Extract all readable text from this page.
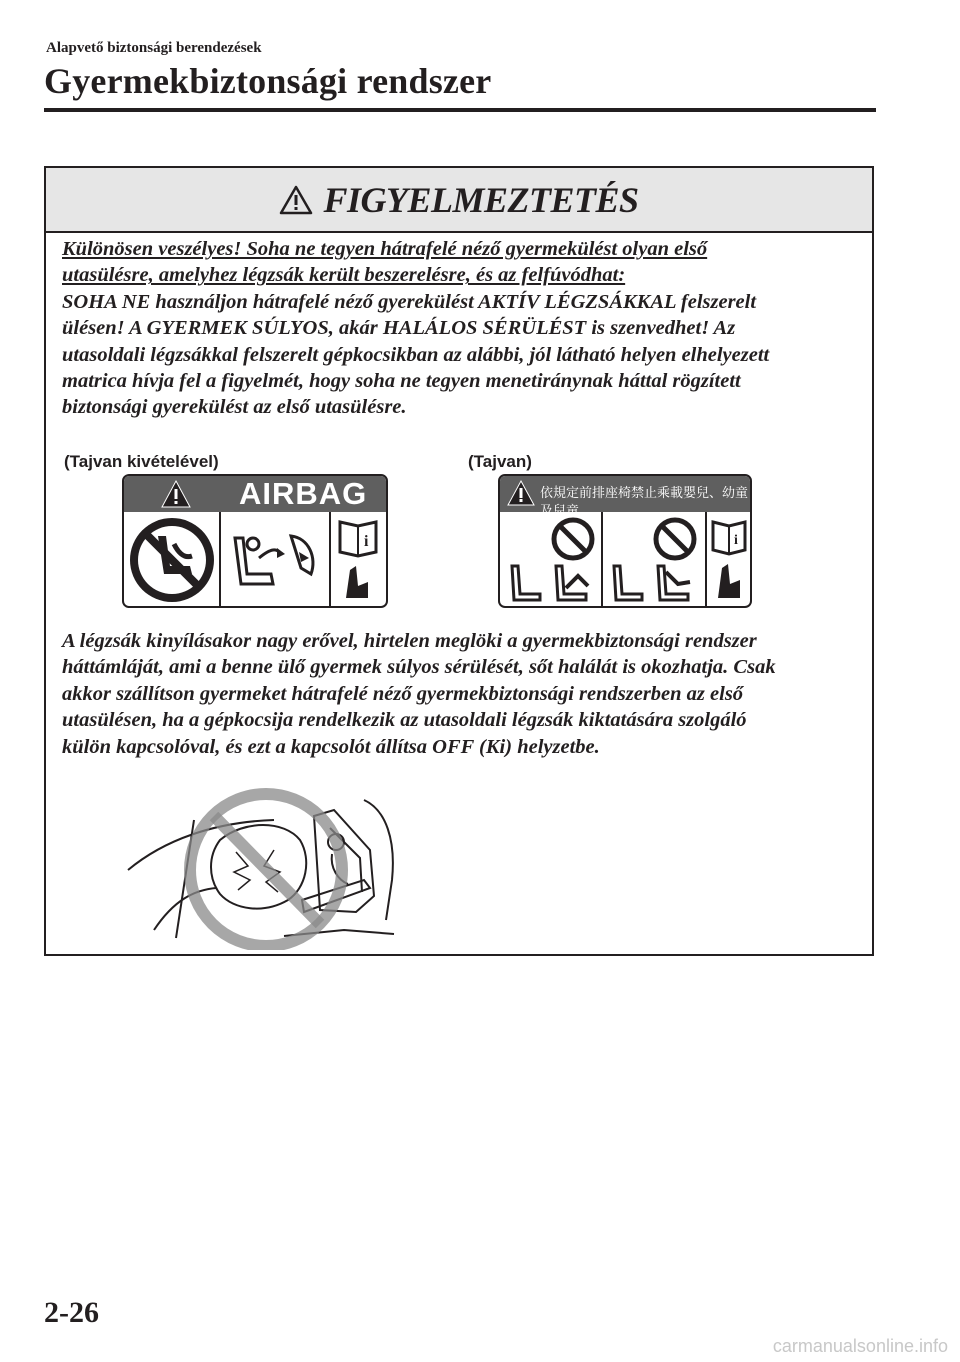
Alapvető biztonsági berendezések
Gyermekbiztonsági rendszer
FIGYELMEZTETÉS
Különösen veszélyes! Soha ne tegyen hátrafelé néző gyermekülést olyan első
utasülésre, amelyhez légzsák került beszerelésre, és az felfúvódhat:
SOHA NE használjon hátrafelé néző gyerekülést AKTÍV LÉGZSÁKKAL felszerelt
ülésen! A GYERMEK SÚLYOS, akár HALÁLOS SÉRÜLÉST is szenvedhet! Az
utasoldali légzsákkal felszerelt gépkocsikban az alábbi, jól látható helyen elhelyezett
matrica hívja fel a figyelmét, hogy soha ne tegyen menetiránynak háttal rögzített
biztonsági gyerekülést az első utasülésre.
(Tajvan kivételével)	(Tajvan)
AIRBAG
i
依規定前排座椅禁止乘載嬰兒、幼童及兒童
i
A légzsák kinyílásakor nagy erővel, hirtelen meglöki a gyermekbiztonsági rendszer
háttámláját, ami a benne ülő gyermek súlyos sérülését, sőt halálát is okozhatja. Csak
akkor szállítson gyermeket hátrafelé néző gyermekbiztonsági rendszerben az első
utasülésen, ha a gépkocsija rendelkezik az utasoldali légzsák kiktatására szolgáló
külön kapcsolóval, és ezt a kapcsolót állítsa OFF (Ki) helyzetbe.
2-26
carmanualsonline.info
